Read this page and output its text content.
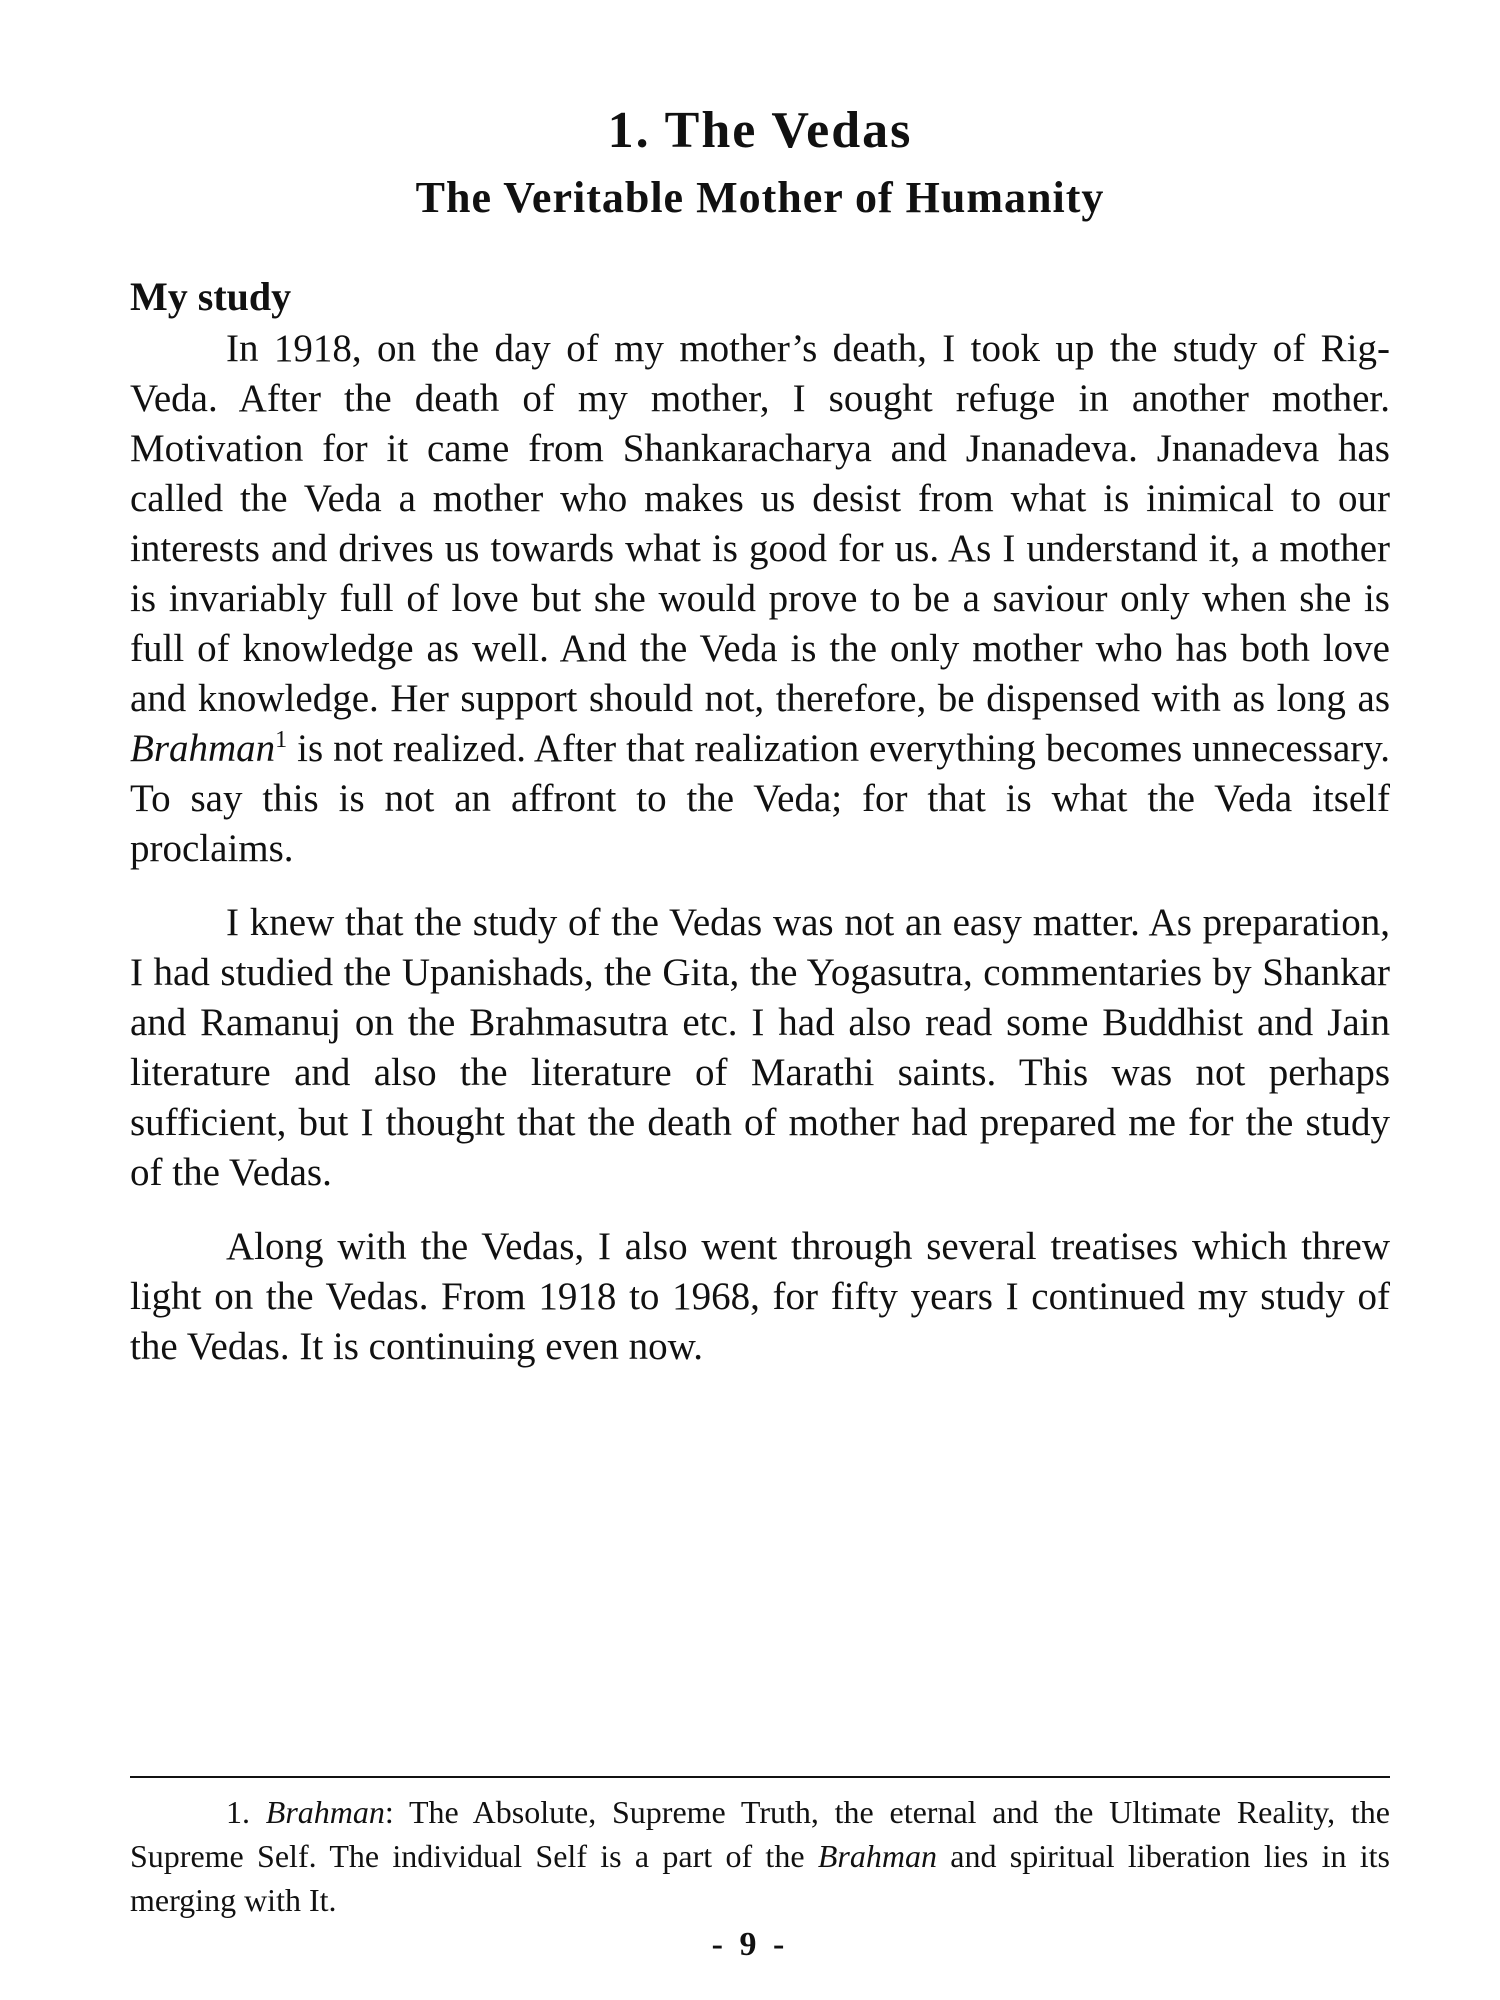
1. The Vedas
The Veritable Mother of Humanity
My study

In 1918, on the day of my mother’s death, I took up the study of Rig-Veda. After the death of my mother, I sought refuge in another mother. Motivation for it came from Shankaracharya and Jnanadeva. Jnanadeva has called the Veda a mother who makes us desist from what is inimical to our interests and drives us towards what is good for us. As I understand it, a mother is invariably full of love but she would prove to be a saviour only when she is full of knowledge as well. And the Veda is the only mother who has both love and knowledge. Her support should not, therefore, be dispensed with as long as Brahman$^1$ is not realized. After that realization everything becomes unnecessary. To say this is not an affront to the Veda; for that is what the Veda itself proclaims.

I knew that the study of the Vedas was not an easy matter. As preparation, I had studied the Upanishads, the Gita, the Yogasutra, commentaries by Shankar and Ramanuj on the Brahmasutra etc. I had also read some Buddhist and Jain literature and also the literature of Marathi saints. This was not perhaps sufficient, but I thought that the death of mother had prepared me for the study of the Vedas.

Along with the Vedas, I also went through several treatises which threw light on the Vedas. From 1918 to 1968, for fifty years I continued my study of the Vedas. It is continuing even now.

1. Brahman: The Absolute, Supreme Truth, the eternal and the Ultimate Reality, the Supreme Self. The individual Self is a part of the Brahman and spiritual liberation lies in its merging with It.

- 9 -
